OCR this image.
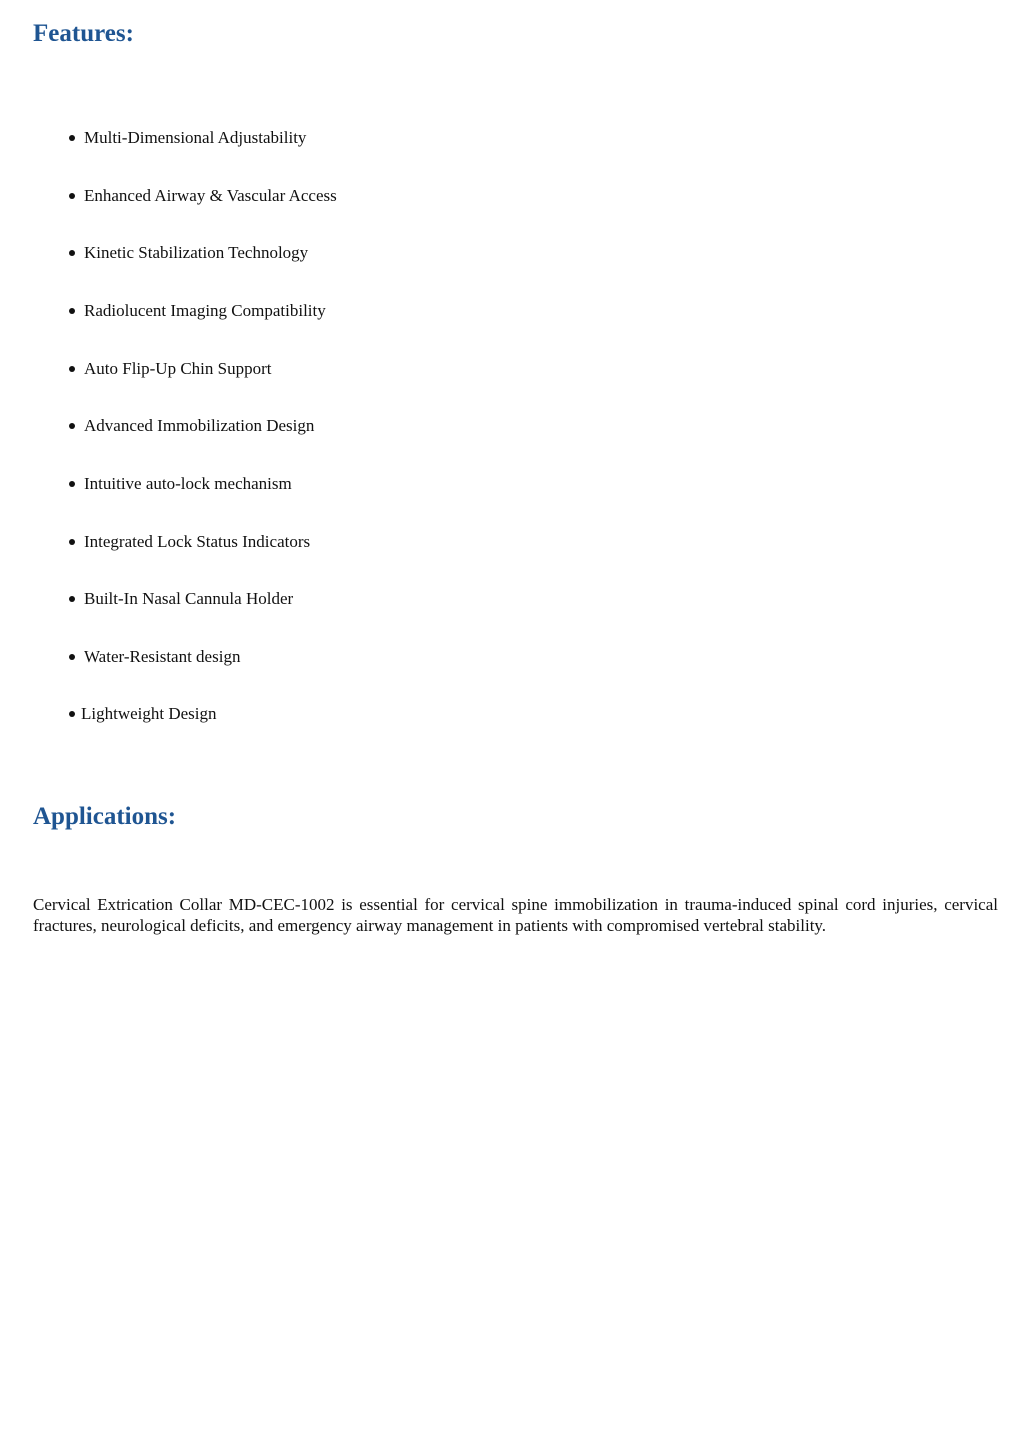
Features:
Multi-Dimensional Adjustability
Enhanced Airway & Vascular Access
Kinetic Stabilization Technology
Radiolucent Imaging Compatibility
Auto Flip-Up Chin Support
Advanced Immobilization Design
Intuitive auto-lock mechanism
Integrated Lock Status Indicators
Built-In Nasal Cannula Holder
Water-Resistant design
Lightweight Design
Applications:

Cervical Extrication Collar MD-CEC-1002 is essential for cervical spine immobilization in trauma-induced spinal cord injuries, cervical fractures, neurological deficits, and emergency airway management in patients with compromised vertebral stability.
